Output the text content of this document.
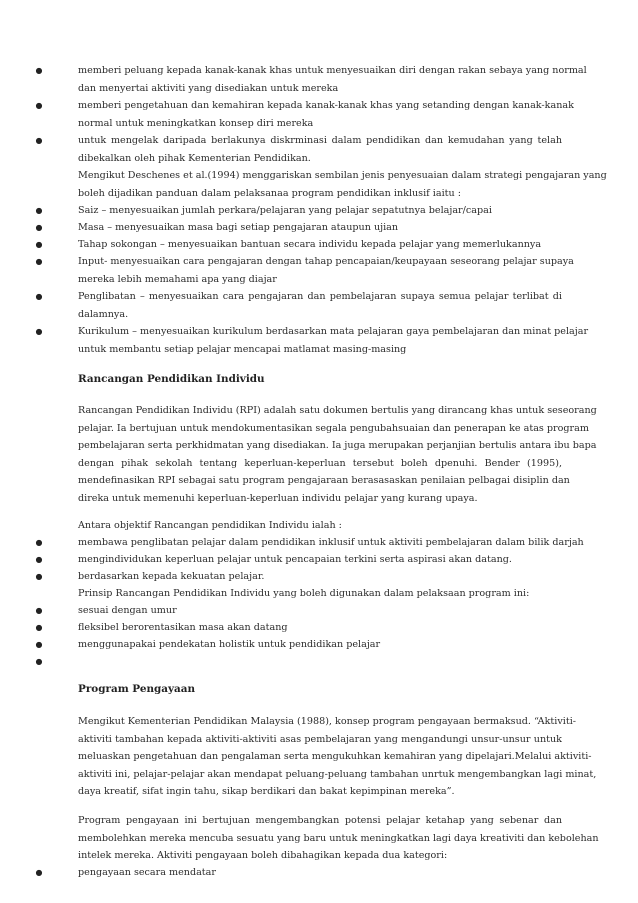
●	memberi peluang kepada kanak-kanak khas untuk menyesuaikan diri dengan rakan sebaya yang normal
dan menyertai aktiviti yang disediakan untuk mereka
●	memberi pengetahuan dan kemahiran kepada kanak-kanak khas yang setanding dengan kanak-kanak
normal untuk meningkatkan konsep diri mereka
●	untuk mengelak daripada berlakunya diskrminasi dalam pendidikan dan kemudahan yang telah
dibekalkan oleh pihak Kementerian Pendidikan.
Mengikut Deschenes et al.(1994) menggariskan sembilan jenis penyesuaian dalam strategi pengajaran yang
boleh dijadikan panduan dalam pelaksanaa program pendidikan inklusif iaitu :
●	Saiz – menyesuaikan jumlah perkara/pelajaran yang pelajar sepatutnya belajar/capai
●	Masa – menyesuaikan masa bagi setiap pengajaran ataupun ujian
●	Tahap sokongan – menyesuaikan bantuan secara individu kepada pelajar yang memerlukannya
●	Input- menyesuaikan cara pengajaran dengan tahap pencapaian/keupayaan seseorang pelajar supaya
mereka lebih memahami apa yang diajar
●	Penglibatan – menyesuaikan cara pengajaran dan pembelajaran supaya semua pelajar terlibat di
dalamnya.
●	Kurikulum – menyesuaikan kurikulum berdasarkan mata pelajaran gaya pembelajaran dan minat pelajar
untuk membantu setiap pelajar mencapai matlamat masing-masing
Rancangan Pendidikan Individu
Rancangan Pendidikan Individu (RPI) adalah satu dokumen bertulis yang dirancang khas untuk seseorang
pelajar. Ia bertujuan untuk mendokumentasikan segala pengubahsuaian dan penerapan ke atas program
pembelajaran serta perkhidmatan yang disediakan. Ia juga merupakan perjanjian bertulis antara ibu bapa
dengan pihak sekolah tentang keperluan-keperluan tersebut boleh dpenuhi. Bender (1995),
mendefinasikan RPI sebagai satu program pengajaraan berasasaskan penilaian pelbagai disiplin dan
direka untuk memenuhi keperluan-keperluan individu pelajar yang kurang upaya.
Antara objektif Rancangan pendidikan Individu ialah :
●	membawa penglibatan pelajar dalam pendidikan inklusif untuk aktiviti pembelajaran dalam bilik darjah
●	mengindividukan keperluan pelajar untuk pencapaian terkini serta aspirasi akan datang.
●	berdasarkan kepada kekuatan pelajar.
Prinsip Rancangan Pendidikan Individu yang boleh digunakan dalam pelaksaan program ini:
●	sesuai dengan umur
●	fleksibel berorentasikan masa akan datang
●	menggunapakai pendekatan holistik untuk pendidikan pelajar
●
Program Pengayaan
Mengikut Kementerian Pendidikan Malaysia (1988), konsep program pengayaan bermaksud. “Aktiviti-
aktiviti tambahan kepada aktiviti-aktiviti asas pembelajaran yang mengandungi unsur-unsur untuk
meluaskan pengetahuan dan pengalaman serta mengukuhkan kemahiran yang dipelajari.Melalui aktiviti-
aktiviti ini, pelajar-pelajar akan mendapat peluang-peluang tambahan unrtuk mengembangkan lagi minat,
daya kreatif, sifat ingin tahu, sikap berdikari dan bakat kepimpinan mereka”.
Program pengayaan ini bertujuan mengembangkan potensi pelajar ketahap yang sebenar dan
membolehkan mereka mencuba sesuatu yang baru untuk meningkatkan lagi daya kreativiti dan kebolehan
intelek mereka. Aktiviti pengayaan boleh dibahagikan kepada dua kategori:
●	pengayaan secara mendatar
